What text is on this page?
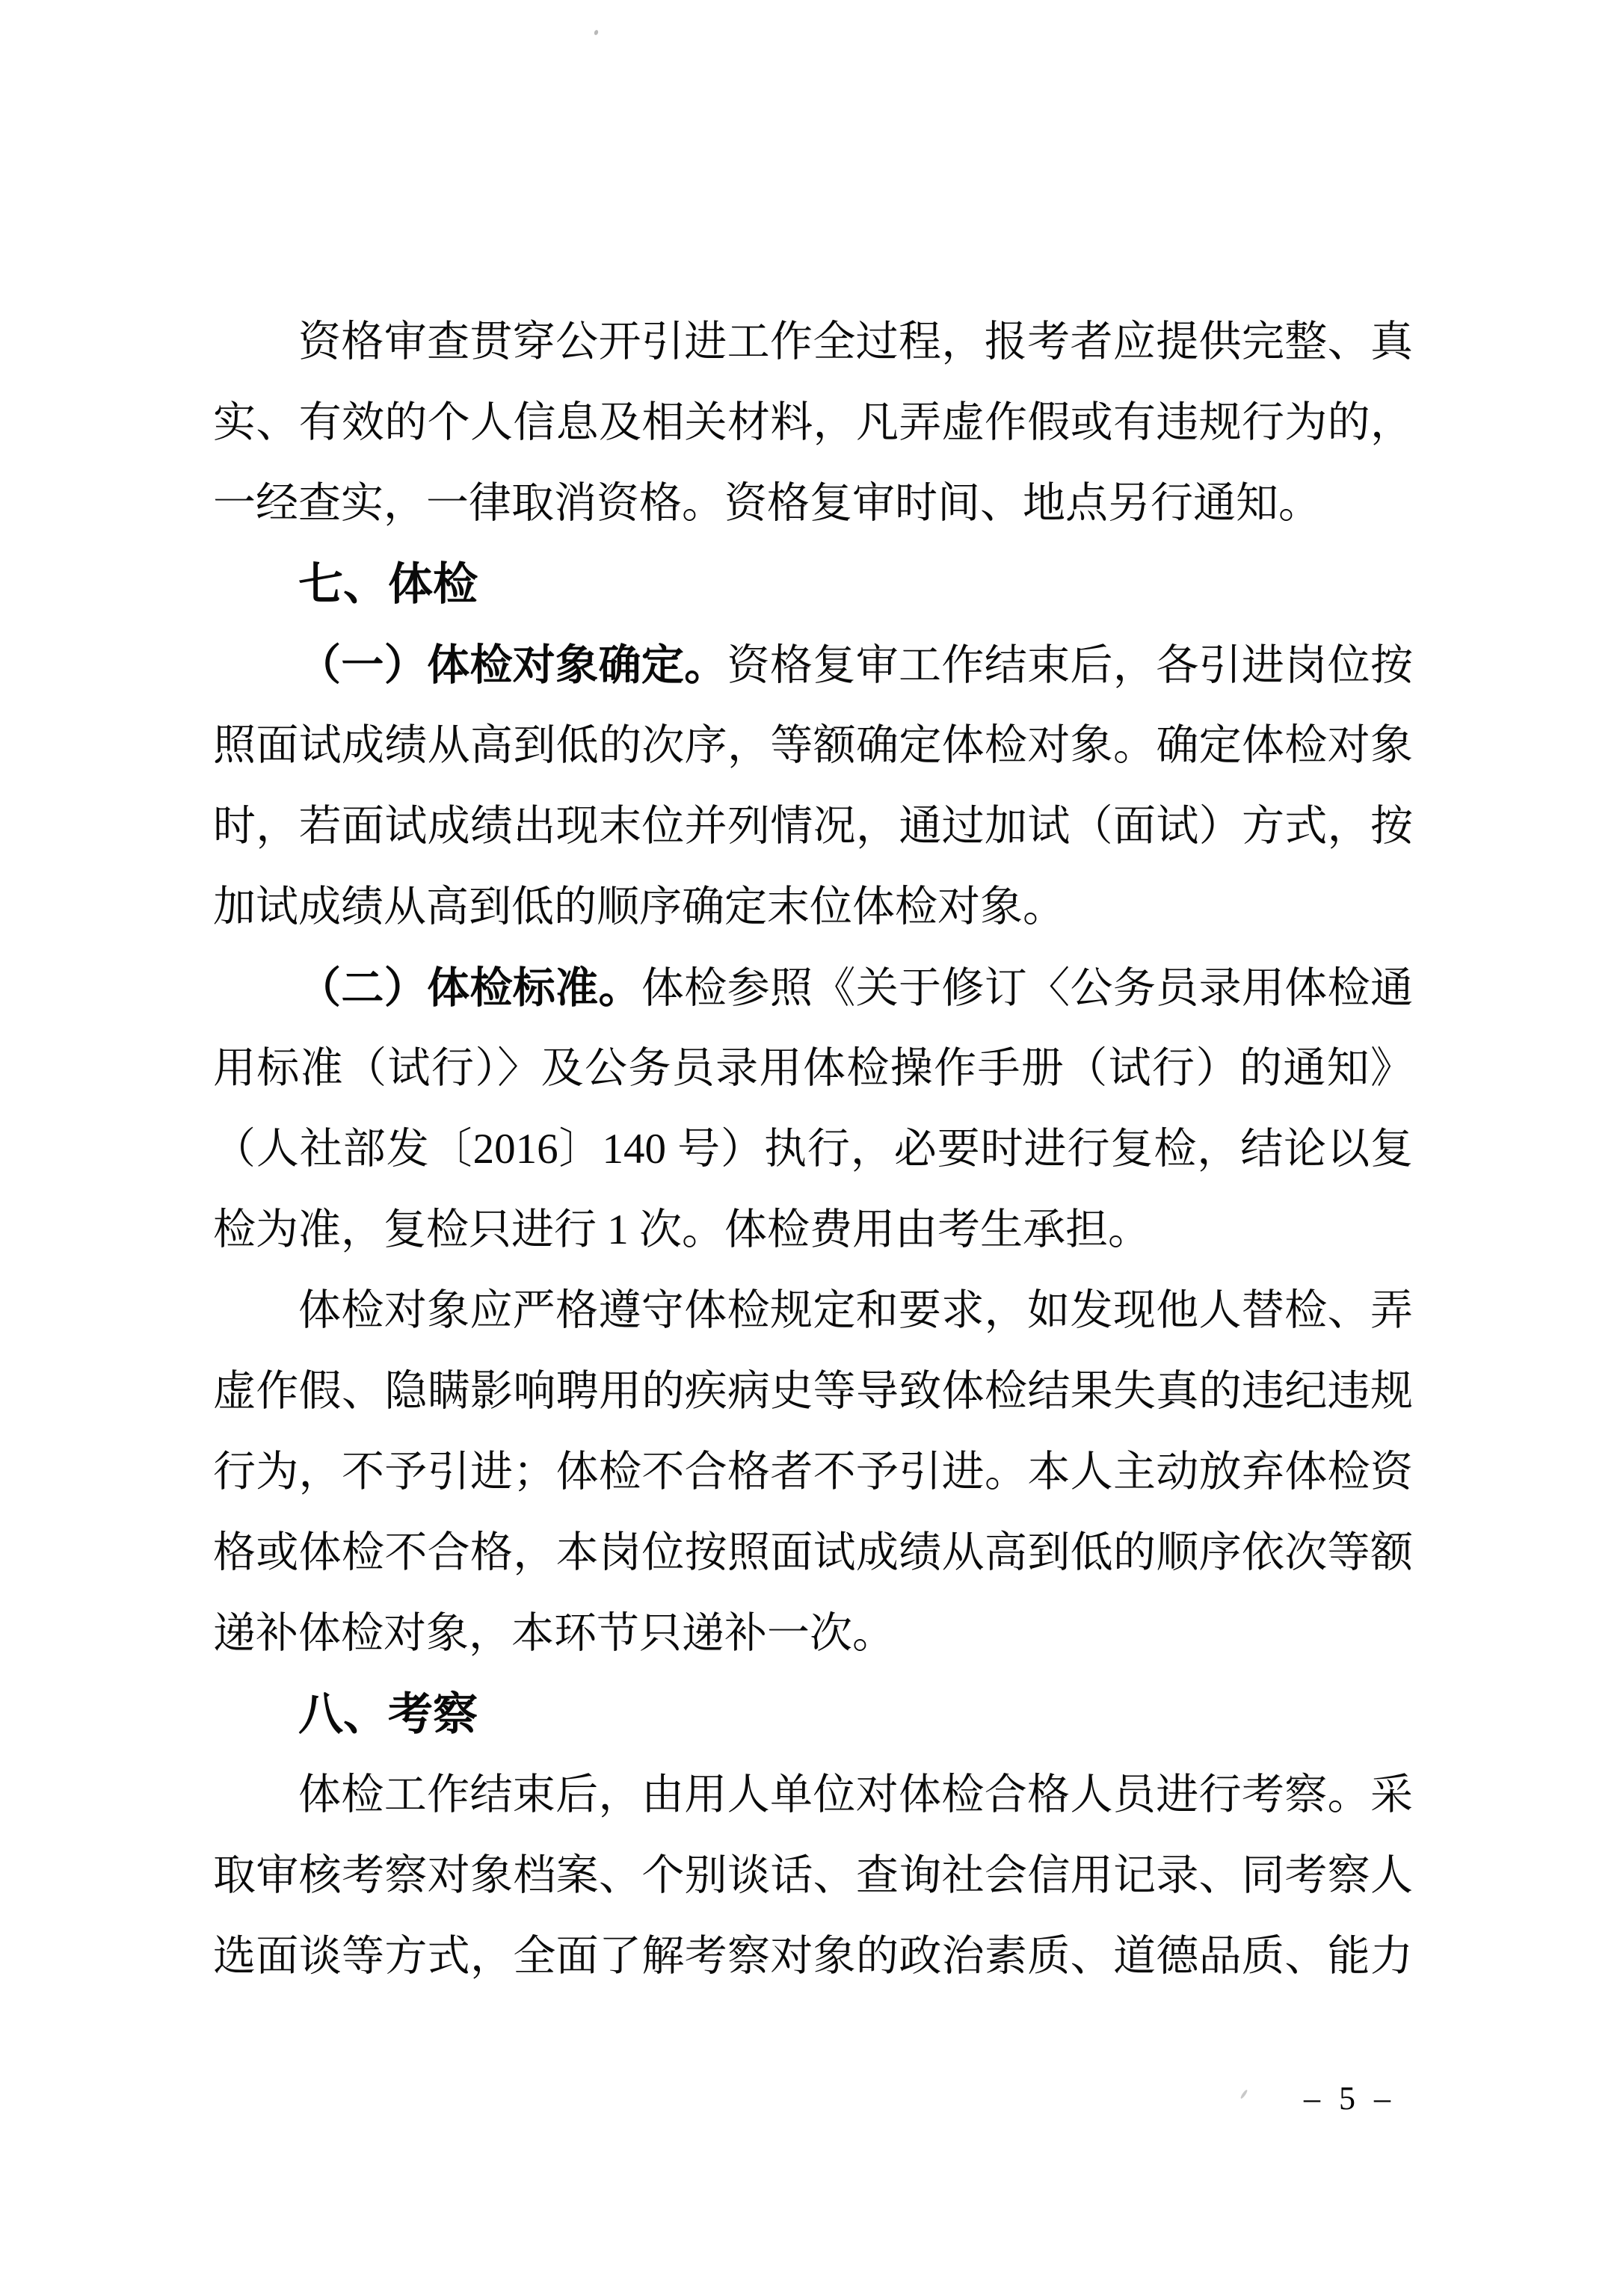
资格审查贯穿公开引进工作全过程，报考者应提供完整、真
实、有效的个人信息及相关材料，凡弄虚作假或有违规行为的，
一经查实，一律取消资格。资格复审时间、地点另行通知。
七、体检
（一）体检对象确定。资格复审工作结束后，各引进岗位按
照面试成绩从高到低的次序，等额确定体检对象。确定体检对象
时，若面试成绩出现末位并列情况，通过加试（面试）方式，按
加试成绩从高到低的顺序确定末位体检对象。
（二）体检标准。体检参照《关于修订〈公务员录用体检通
用标准（试行）〉及公务员录用体检操作手册（试行）的通知》
（人社部发〔2016〕140 号）执行，必要时进行复检，结论以复
检为准，复检只进行 1 次。体检费用由考生承担。
体检对象应严格遵守体检规定和要求，如发现他人替检、弄
虚作假、隐瞒影响聘用的疾病史等导致体检结果失真的违纪违规
行为，不予引进；体检不合格者不予引进。本人主动放弃体检资
格或体检不合格，本岗位按照面试成绩从高到低的顺序依次等额
递补体检对象，本环节只递补一次。
八、考察
体检工作结束后，由用人单位对体检合格人员进行考察。采
取审核考察对象档案、个别谈话、查询社会信用记录、同考察人
选面谈等方式，全面了解考察对象的政治素质、道德品质、能力
– 5 –
